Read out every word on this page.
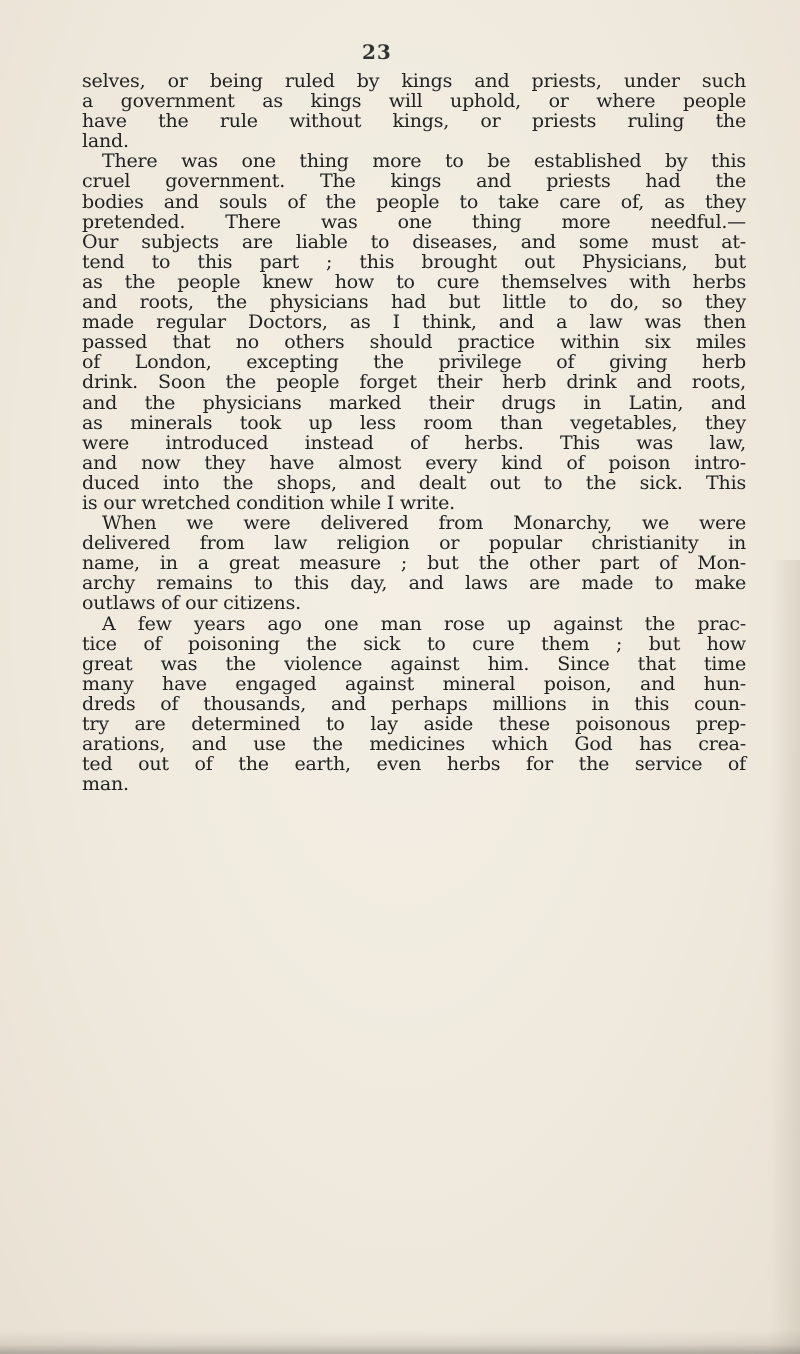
23
selves, or being ruled by kings and priests, under such
a government as kings will uphold, or where people
have the rule without kings, or priests ruling the
land.
There was one thing more to be established by this
cruel government. The kings and priests had the
bodies and souls of the people to take care of, as they
pretended. There was one thing more needful.—
Our subjects are liable to diseases, and some must at-
tend to this part ; this brought out Physicians, but
as the people knew how to cure themselves with herbs
and roots, the physicians had but little to do, so they
made regular Doctors, as I think, and a law was then
passed that no others should practice within six miles
of London, excepting the privilege of giving herb
drink. Soon the people forget their herb drink and roots,
and the physicians marked their drugs in Latin, and
as minerals took up less room than vegetables, they
were introduced instead of herbs. This was law,
and now they have almost every kind of poison intro-
duced into the shops, and dealt out to the sick. This
is our wretched condition while I write.
When we were delivered from Monarchy, we were
delivered from law religion or popular christianity in
name, in a great measure ; but the other part of Mon-
archy remains to this day, and laws are made to make
outlaws of our citizens.
A few years ago one man rose up against the prac-
tice of poisoning the sick to cure them ; but how
great was the violence against him. Since that time
many have engaged against mineral poison, and hun-
dreds of thousands, and perhaps millions in this coun-
try are determined to lay aside these poisonous prep-
arations, and use the medicines which God has crea-
ted out of the earth, even herbs for the service of
man.
